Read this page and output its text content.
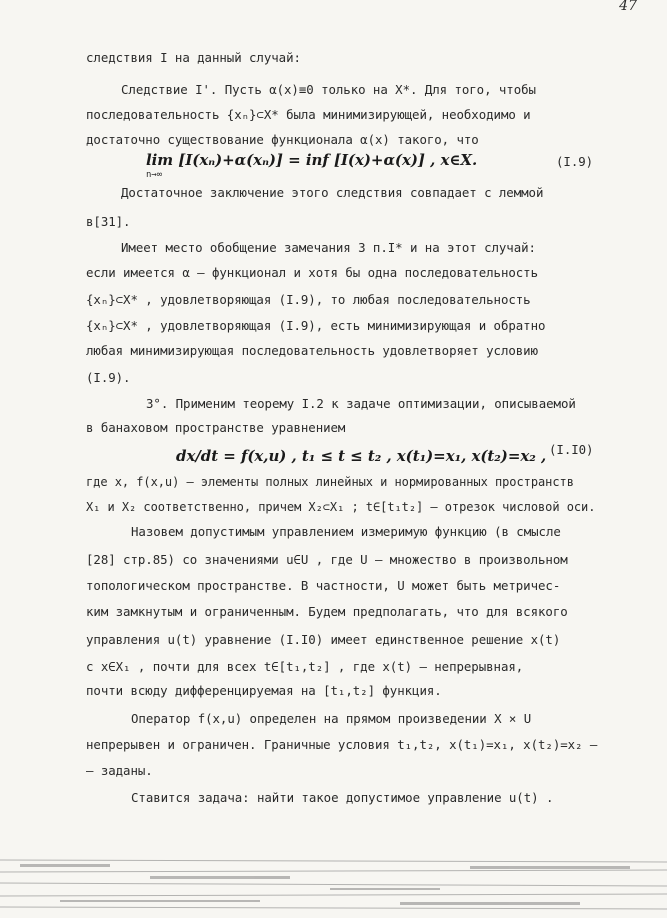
47
следствия I на данный случай:
Следствие I'. Пусть α(x)≡0 только на X*. Для того, чтобы
последовательность {xₙ}⊂X* была минимизирующей, необходимо и
достаточно существование функционала α(x) такого, что
lim [I(xₙ)+α(xₙ)] = inf [I(x)+α(x)] , x∈X.
n→∞
(I.9)
Достаточное заключение этого следствия совпадает с леммой
в[31].
Имеет место обобщение замечания 3 п.I* и на этот случай:
если имеется α – функционал и хотя бы одна последовательность
{xₙ}⊂X* , удовлетворяющая (I.9), то любая последовательность
{xₙ}⊂X* , удовлетворяющая (I.9), есть минимизирующая и обратно
любая минимизирующая последовательность удовлетворяет условию
(I.9).
3°. Применим теорему I.2 к задаче оптимизации, описываемой
в банаховом пространстве уравнением
dx/dt = f(x,u) , t₁ ≤ t ≤ t₂ , x(t₁)=x₁, x(t₂)=x₂ , (I.I0)
где x, f(x,u) – элементы полных линейных и нормированных пространств
X₁ и X₂ соответственно, причем X₂⊂X₁ ; t∈[t₁t₂] – отрезок числовой оси.
Назовем допустимым управлением измеримую функцию (в смысле
[28] стр.85) со значениями u∈U , где U – множество в произвольном
топологическом пространстве. В частности, U может быть метричес-
ким замкнутым и ограниченным. Будем предполагать, что для всякого
управления u(t) уравнение (I.I0) имеет единственное решение x(t)
с x∈X₁ , почти для всех t∈[t₁,t₂] , где x(t) – непрерывная,
почти всюду дифференцируемая на [t₁,t₂] функция.
Оператор f(x,u) определен на прямом произведении X × U
непрерывен и ограничен. Граничные условия t₁,t₂, x(t₁)=x₁, x(t₂)=x₂ –
– заданы.
Ставится задача: найти такое допустимое управление u(t) .
